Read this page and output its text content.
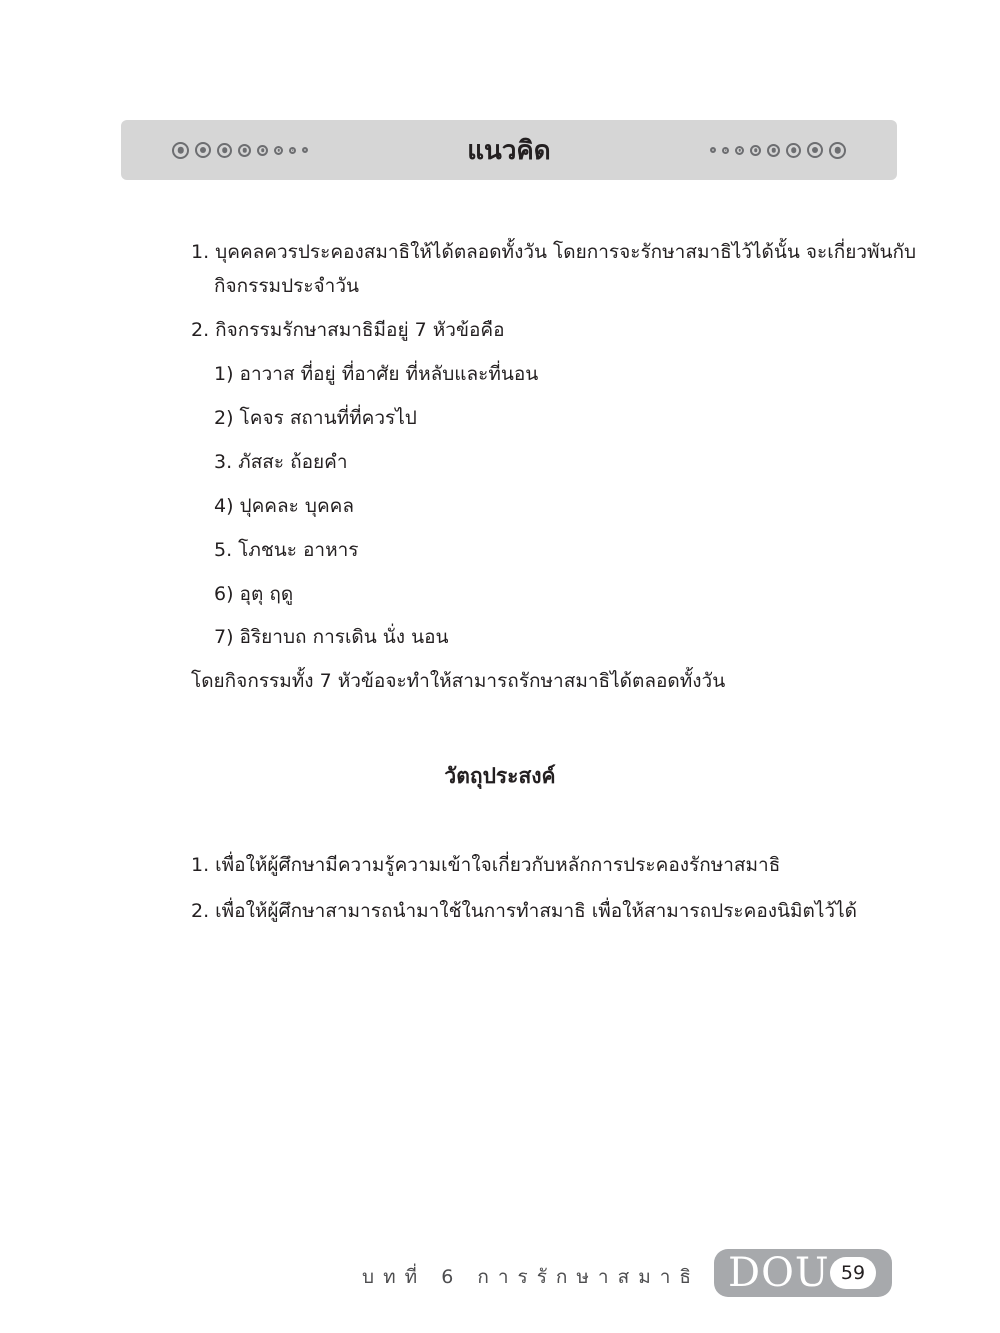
แนวคิด
1. บุคคลควรประคองสมาธิให้ได้ตลอดทั้งวัน โดยการจะรักษาสมาธิไว้ได้นั้น จะเกี่ยวพันกับ
กิจกรรมประจำวัน
2. กิจกรรมรักษาสมาธิมีอยู่ 7 หัวข้อคือ
1) อาวาส ที่อยู่ ที่อาศัย ที่หลับและที่นอน
2) โคจร สถานที่ที่ควรไป
3. ภัสสะ ถ้อยคำ
4) ปุคคละ บุคคล
5. โภชนะ อาหาร
6) อุตุ ฤดู
7) อิริยาบถ การเดิน นั่ง นอน
โดยกิจกรรมทั้ง 7 หัวข้อจะทำให้สามารถรักษาสมาธิได้ตลอดทั้งวัน
วัตถุประสงค์
1. เพื่อให้ผู้ศึกษามีความรู้ความเข้าใจเกี่ยวกับหลักการประคองรักษาสมาธิ
2. เพื่อให้ผู้ศึกษาสามารถนำมาใช้ในการทำสมาธิ เพื่อให้สามารถประคองนิมิตไว้ได้
บทที่ 6 การรักษาสมาธิ DOU 59
